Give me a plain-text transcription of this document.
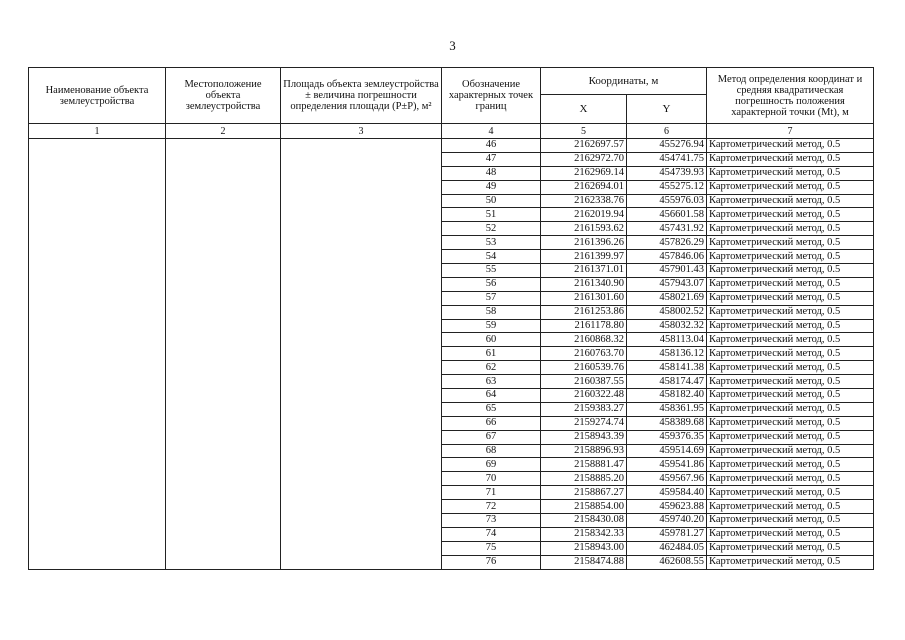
3
Наименование объекта землеустройства	Местоположение объекта землеустройства	Площадь объекта землеустройства ± величина погрешности определения площади (P±P), м²	Обозначение характерных точек границ	Координаты, м		Метод определения координат и средняя квадратическая погрешность положения характерной точки (Mt), м
				X	Y	
1	2	3	4	5	6	7
			46	2162697.57	455276.94	Картометрический метод, 0.5
			47	2162972.70	454741.75	Картометрический метод, 0.5
			48	2162969.14	454739.93	Картометрический метод, 0.5
			49	2162694.01	455275.12	Картометрический метод, 0.5
			50	2162338.76	455976.03	Картометрический метод, 0.5
			51	2162019.94	456601.58	Картометрический метод, 0.5
			52	2161593.62	457431.92	Картометрический метод, 0.5
			53	2161396.26	457826.29	Картометрический метод, 0.5
			54	2161399.97	457846.06	Картометрический метод, 0.5
			55	2161371.01	457901.43	Картометрический метод, 0.5
			56	2161340.90	457943.07	Картометрический метод, 0.5
			57	2161301.60	458021.69	Картометрический метод, 0.5
			58	2161253.86	458002.52	Картометрический метод, 0.5
			59	2161178.80	458032.32	Картометрический метод, 0.5
			60	2160868.32	458113.04	Картометрический метод, 0.5
			61	2160763.70	458136.12	Картометрический метод, 0.5
			62	2160539.76	458141.38	Картометрический метод, 0.5
			63	2160387.55	458174.47	Картометрический метод, 0.5
			64	2160322.48	458182.40	Картометрический метод, 0.5
			65	2159383.27	458361.95	Картометрический метод, 0.5
			66	2159274.74	458389.68	Картометрический метод, 0.5
			67	2158943.39	459376.35	Картометрический метод, 0.5
			68	2158896.93	459514.69	Картометрический метод, 0.5
			69	2158881.47	459541.86	Картометрический метод, 0.5
			70	2158885.20	459567.96	Картометрический метод, 0.5
			71	2158867.27	459584.40	Картометрический метод, 0.5
			72	2158854.00	459623.88	Картометрический метод, 0.5
			73	2158430.08	459740.20	Картометрический метод, 0.5
			74	2158342.33	459781.27	Картометрический метод, 0.5
			75	2158943.00	462484.05	Картометрический метод, 0.5
			76	2158474.88	462608.55	Картометрический метод, 0.5
